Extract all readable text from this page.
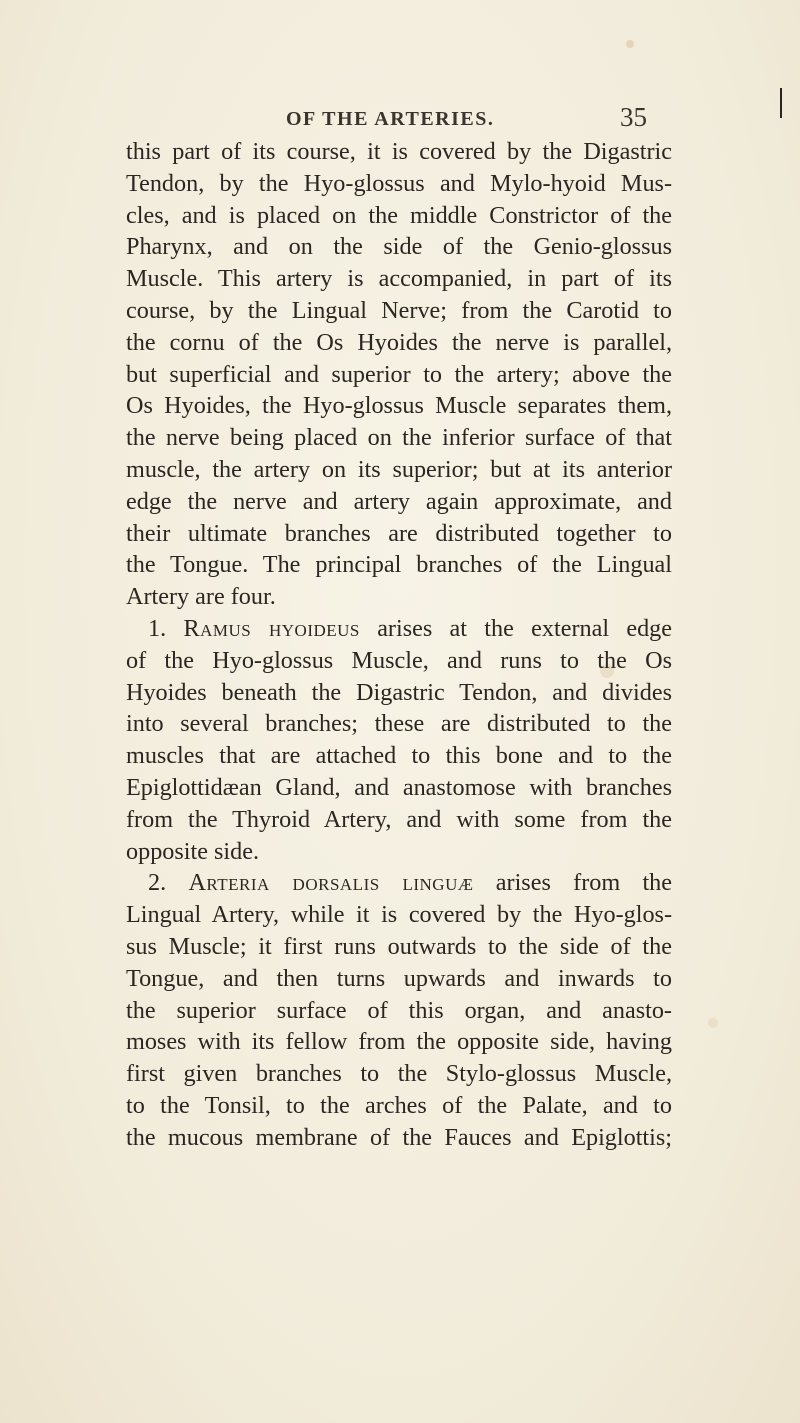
OF THE ARTERIES.	35
this part of its course, it is covered by the Digastric
Tendon, by the Hyo-glossus and Mylo-hyoid Mus-
cles, and is placed on the middle Constrictor of the
Pharynx, and on the side of the Genio-glossus
Muscle. This artery is accompanied, in part of its
course, by the Lingual Nerve; from the Carotid to
the cornu of the Os Hyoides the nerve is parallel,
but superficial and superior to the artery; above the
Os Hyoides, the Hyo-glossus Muscle separates them,
the nerve being placed on the inferior surface of that
muscle, the artery on its superior; but at its anterior
edge the nerve and artery again approximate, and
their ultimate branches are distributed together to
the Tongue. The principal branches of the Lingual
Artery are four.
1. Ramus hyoideus arises at the external edge
of the Hyo-glossus Muscle, and runs to the Os
Hyoides beneath the Digastric Tendon, and divides
into several branches; these are distributed to the
muscles that are attached to this bone and to the
Epiglottidæan Gland, and anastomose with branches
from the Thyroid Artery, and with some from the
opposite side.
2. Arteria dorsalis linguæ arises from the
Lingual Artery, while it is covered by the Hyo-glos-
sus Muscle; it first runs outwards to the side of the
Tongue, and then turns upwards and inwards to
the superior surface of this organ, and anasto-
moses with its fellow from the opposite side, having
first given branches to the Stylo-glossus Muscle,
to the Tonsil, to the arches of the Palate, and to
the mucous membrane of the Fauces and Epiglottis;
